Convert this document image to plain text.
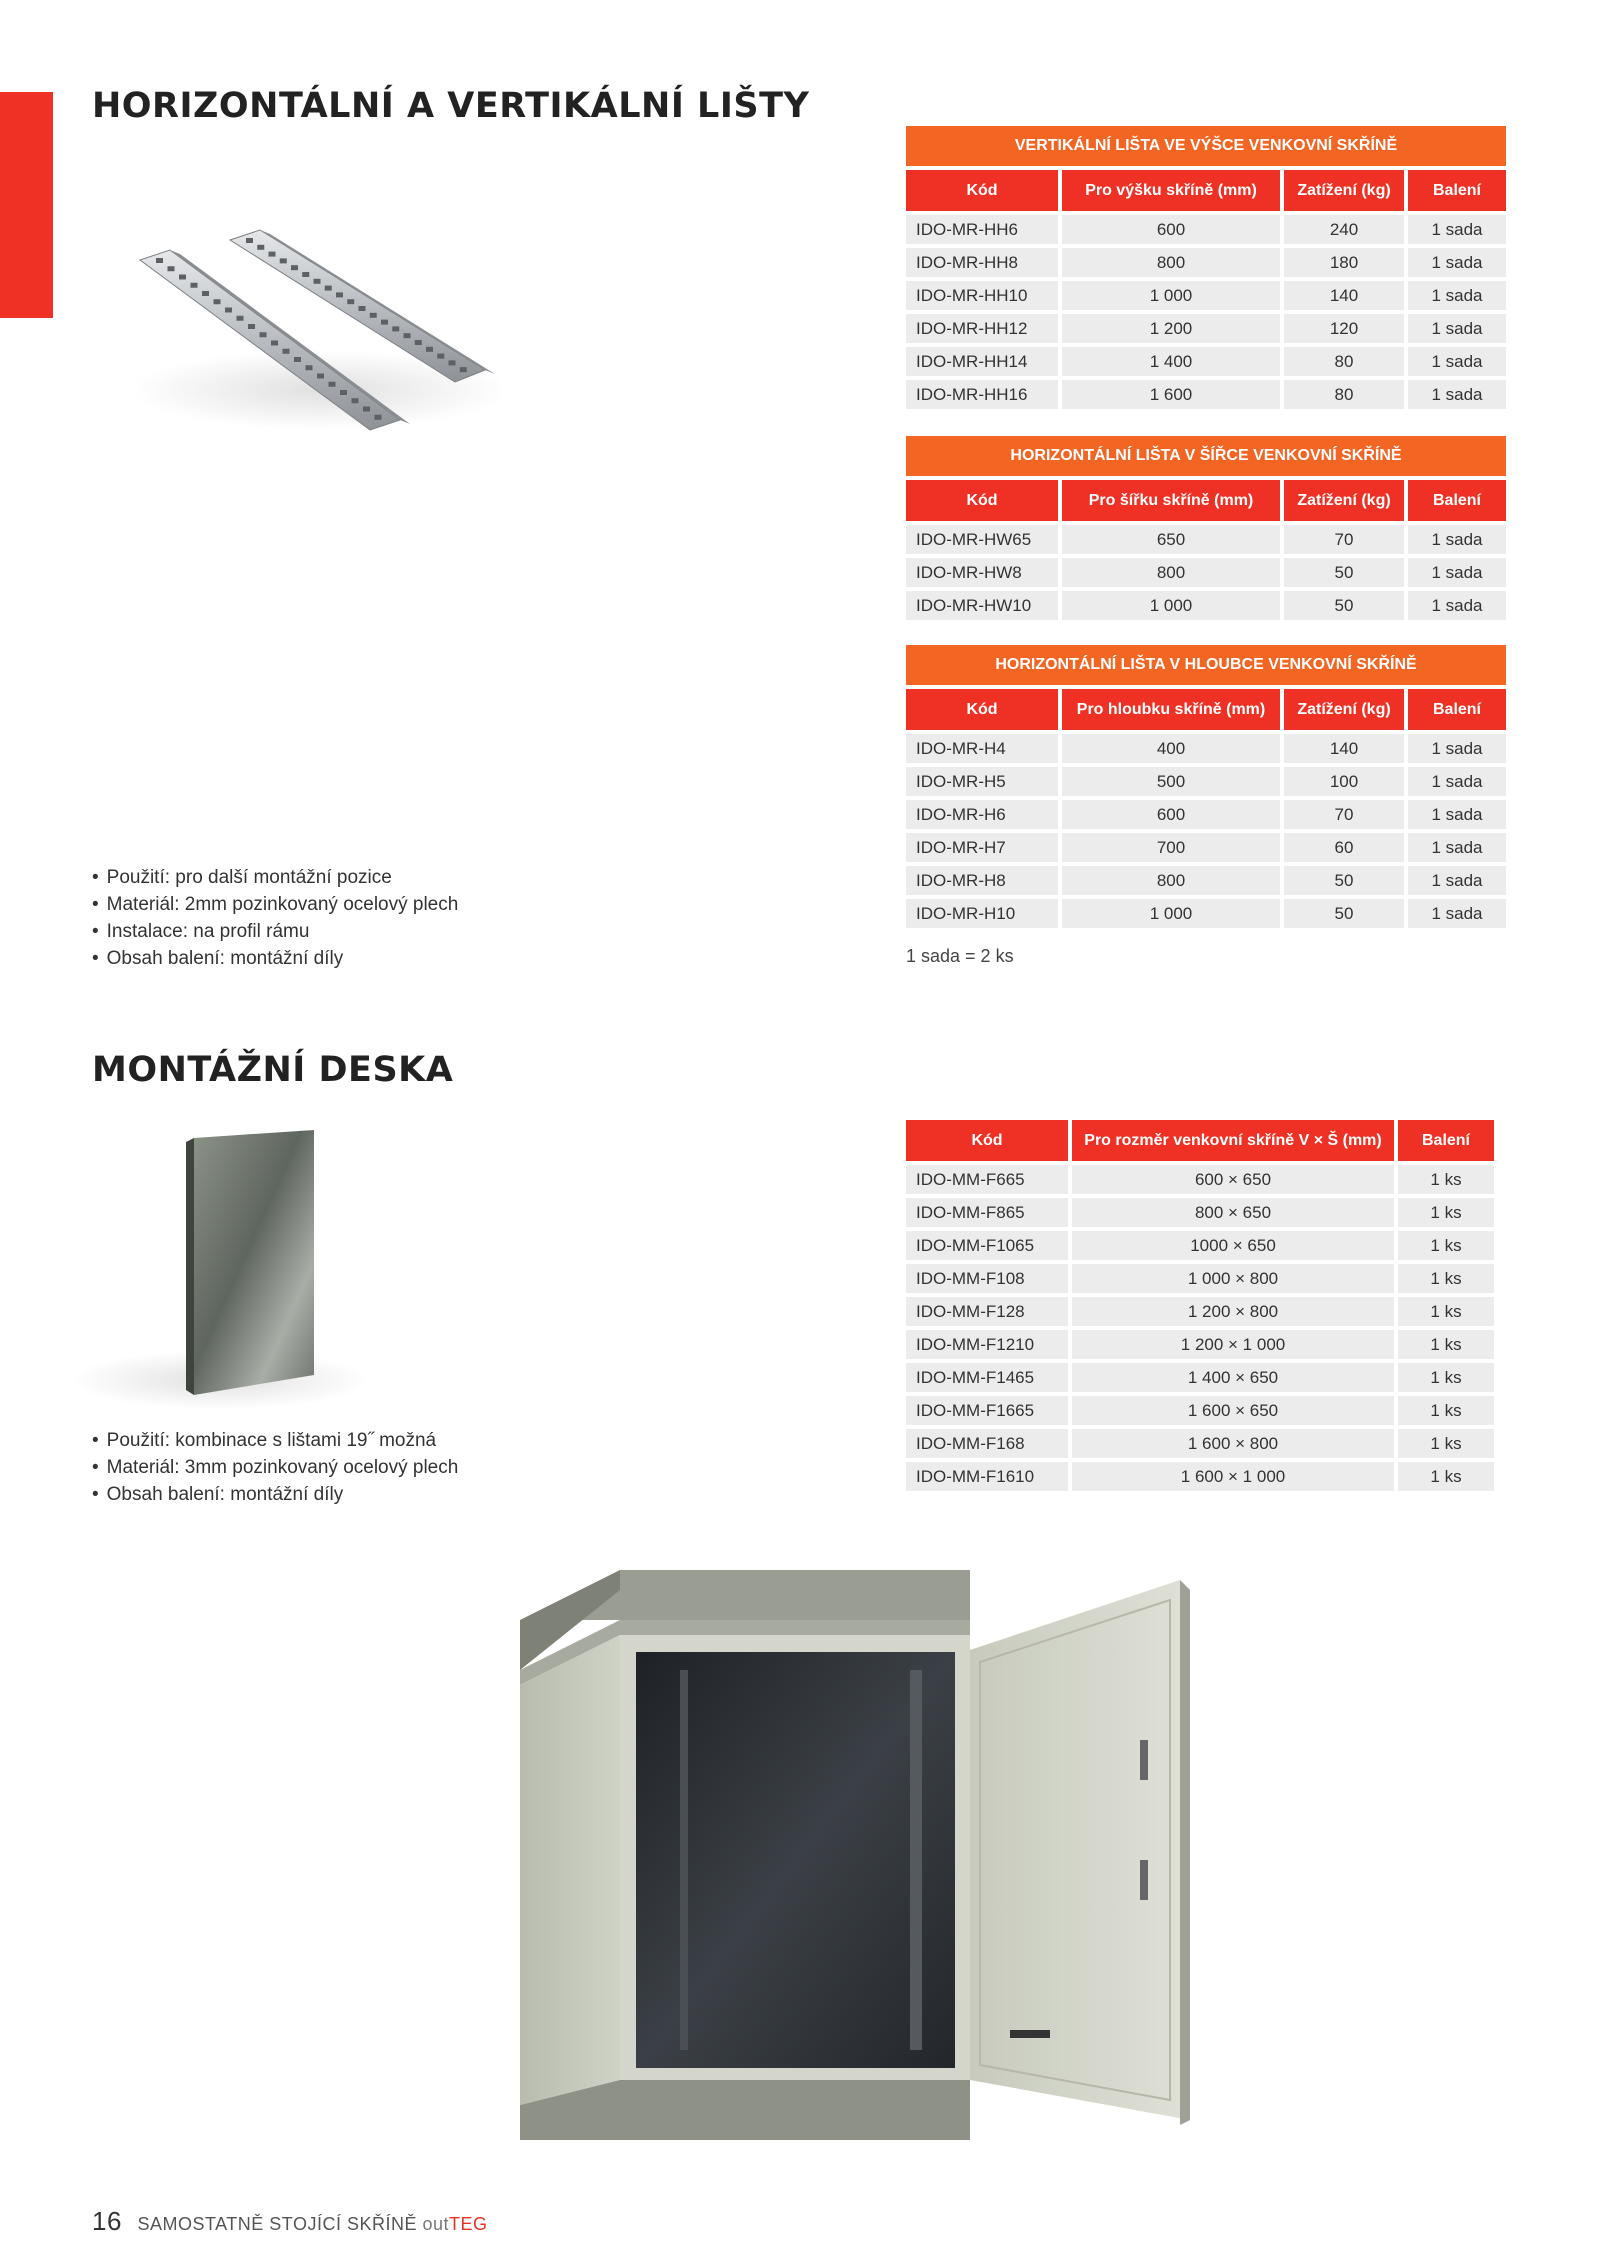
HORIZONTÁLNÍ A VERTIKÁLNÍ LIŠTY
• Použití: pro další montážní pozice
• Materiál: 2mm pozinkovaný ocelový plech
• Instalace: na profil rámu
• Obsah balení: montážní díly
VERTIKÁLNÍ LIŠTA VE VÝŠCE VENKOVNÍ SKŘÍNĚ			
Kód	Pro výšku skříně (mm)	Zatížení (kg)	Balení
IDO-MR-HH6	600	240	1 sada
IDO-MR-HH8	800	180	1 sada
IDO-MR-HH10	1 000	140	1 sada
IDO-MR-HH12	1 200	120	1 sada
IDO-MR-HH14	1 400	80	1 sada
IDO-MR-HH16	1 600	80	1 sada
HORIZONTÁLNÍ LIŠTA V ŠÍŘCE VENKOVNÍ SKŘÍNĚ			
Kód	Pro šířku skříně (mm)	Zatížení (kg)	Balení
IDO-MR-HW65	650	70	1 sada
IDO-MR-HW8	800	50	1 sada
IDO-MR-HW10	1 000	50	1 sada
HORIZONTÁLNÍ LIŠTA V HLOUBCE VENKOVNÍ SKŘÍNĚ			
Kód	Pro hloubku skříně (mm)	Zatížení (kg)	Balení
IDO-MR-H4	400	140	1 sada
IDO-MR-H5	500	100	1 sada
IDO-MR-H6	600	70	1 sada
IDO-MR-H7	700	60	1 sada
IDO-MR-H8	800	50	1 sada
IDO-MR-H10	1 000	50	1 sada

1 sada = 2 ks

MONTÁŽNÍ DESKA
• Použití: kombinace s lištami 19˝ možná
• Materiál: 3mm pozinkovaný ocelový plech
• Obsah balení: montážní díly
Kód	Pro rozměr venkovní skříně V × Š (mm)	Balení
IDO-MM-F665	600 × 650	1 ks
IDO-MM-F865	800 × 650	1 ks
IDO-MM-F1065	1000 × 650	1 ks
IDO-MM-F108	1 000 × 800	1 ks
IDO-MM-F128	1 200 × 800	1 ks
IDO-MM-F1210	1 200 × 1 000	1 ks
IDO-MM-F1465	1 400 × 650	1 ks
IDO-MM-F1665	1 600 × 650	1 ks
IDO-MM-F168	1 600 × 800	1 ks
IDO-MM-F1610	1 600 × 1 000	1 ks
16 SAMOSTATNĚ STOJÍCÍ SKŘÍNĚ outTEG
